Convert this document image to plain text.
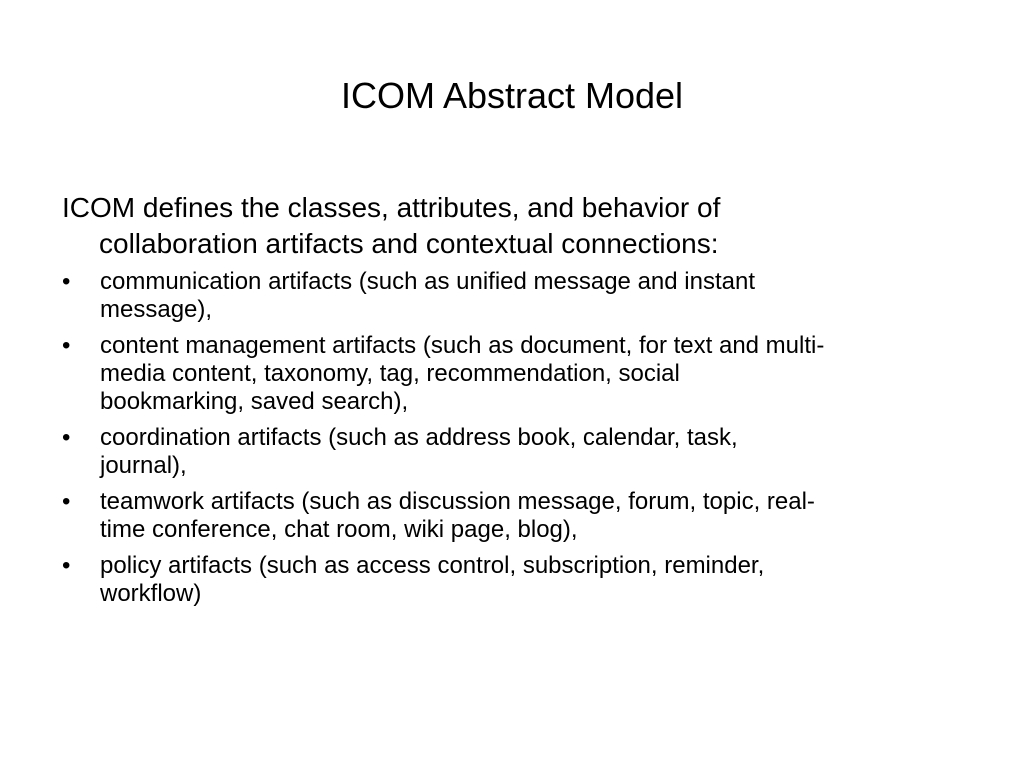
ICOM Abstract Model

ICOM defines the classes, attributes, and behavior of
collaboration artifacts and contextual connections:

•	communication artifacts (such as unified message and instant
message),
•	content management artifacts (such as document, for text and multi-
media content, taxonomy, tag, recommendation, social
bookmarking, saved search),
•	coordination artifacts (such as address book, calendar, task,
journal),
•	teamwork artifacts (such as discussion message, forum, topic, real-
time conference, chat room, wiki page, blog),
•	policy artifacts (such as access control, subscription, reminder,
workflow)
